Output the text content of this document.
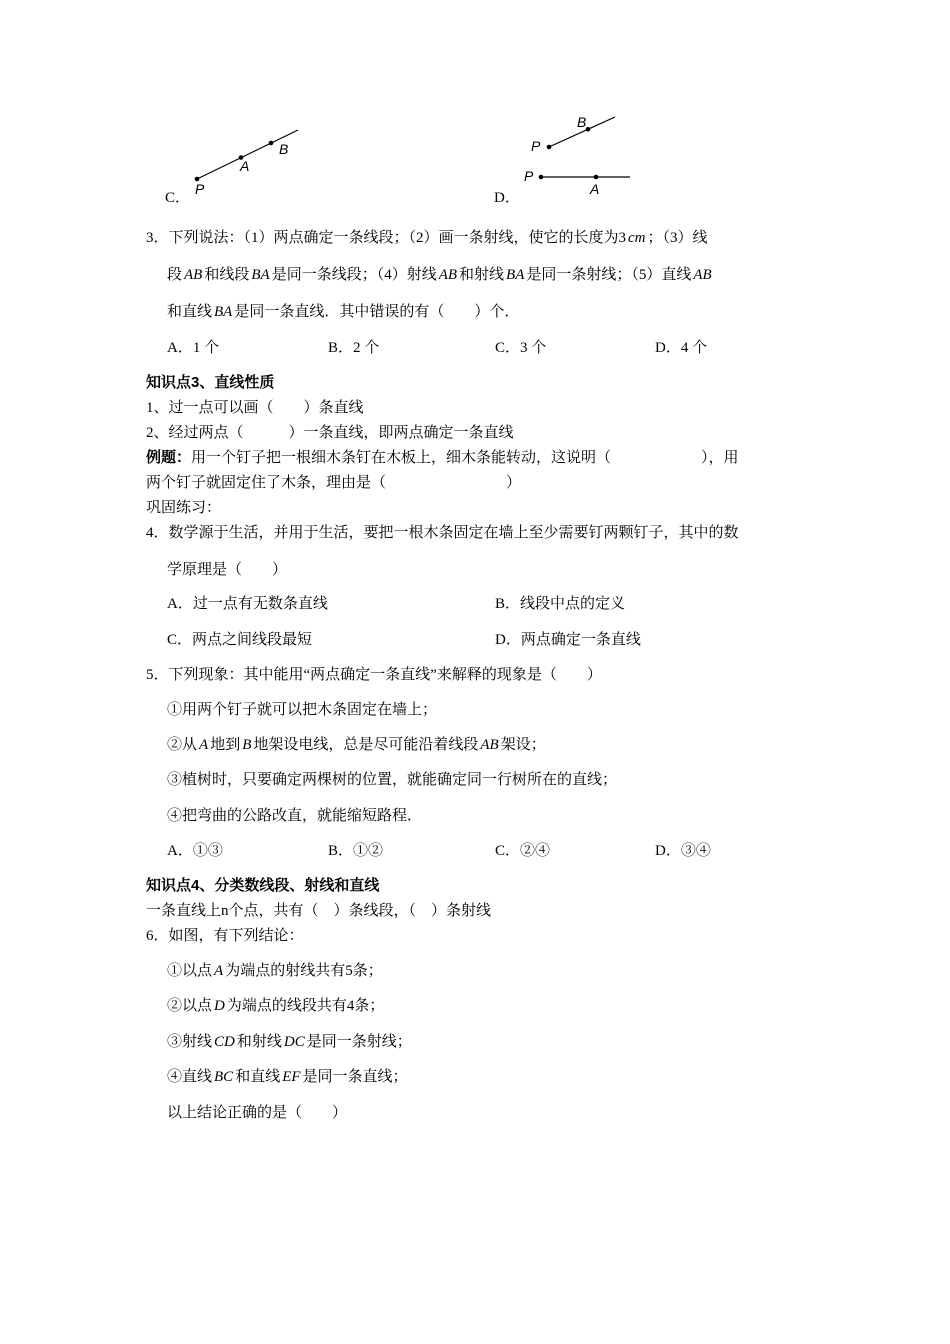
P
A
B
B
P
P
A
C．	D．
3．下列说法：（1）两点确定一条线段；（2）画一条射线，使它的长度为3 cm ；（3）线
段 AB 和线段 BA 是同一条线段；（4）射线 AB 和射线 BA 是同一条射线；（5）直线 AB
和直线 BA 是同一条直线．其中错误的有（　　）个．
A．1 个	B．2 个	C．3 个	D．4 个
知识点3、直线性质
1、过一点可以画（　　）条直线
2、经过两点（　　　）一条直线，即两点确定一条直线
例题：用一个钉子把一根细木条钉在木板上，细木条能转动，这说明（　　　　　　），用
两个钉子就固定住了木条，理由是（　　　　　　　　）
巩固练习：
4．数学源于生活，并用于生活，要把一根木条固定在墙上至少需要钉两颗钉子，其中的数
学原理是（　　）
A．过一点有无数条直线	B．线段中点的定义
C．两点之间线段最短	D．两点确定一条直线
5．下列现象：其中能用“两点确定一条直线”来解释的现象是（　　）
①用两个钉子就可以把木条固定在墙上；
②从 A 地到 B 地架设电线，总是尽可能沿着线段 AB 架设；
③植树时，只要确定两棵树的位置，就能确定同一行树所在的直线；
④把弯曲的公路改直，就能缩短路程．
A．①③	B．①②	C．②④	D．③④
知识点4、分类数线段、射线和直线
一条直线上n个点，共有（　）条线段，（　）条射线
6．如图，有下列结论：
①以点 A 为端点的射线共有5条；
②以点 D 为端点的线段共有4条；
③射线 CD 和射线 DC 是同一条射线；
④直线 BC 和直线 EF 是同一条直线；
以上结论正确的是（　　）
